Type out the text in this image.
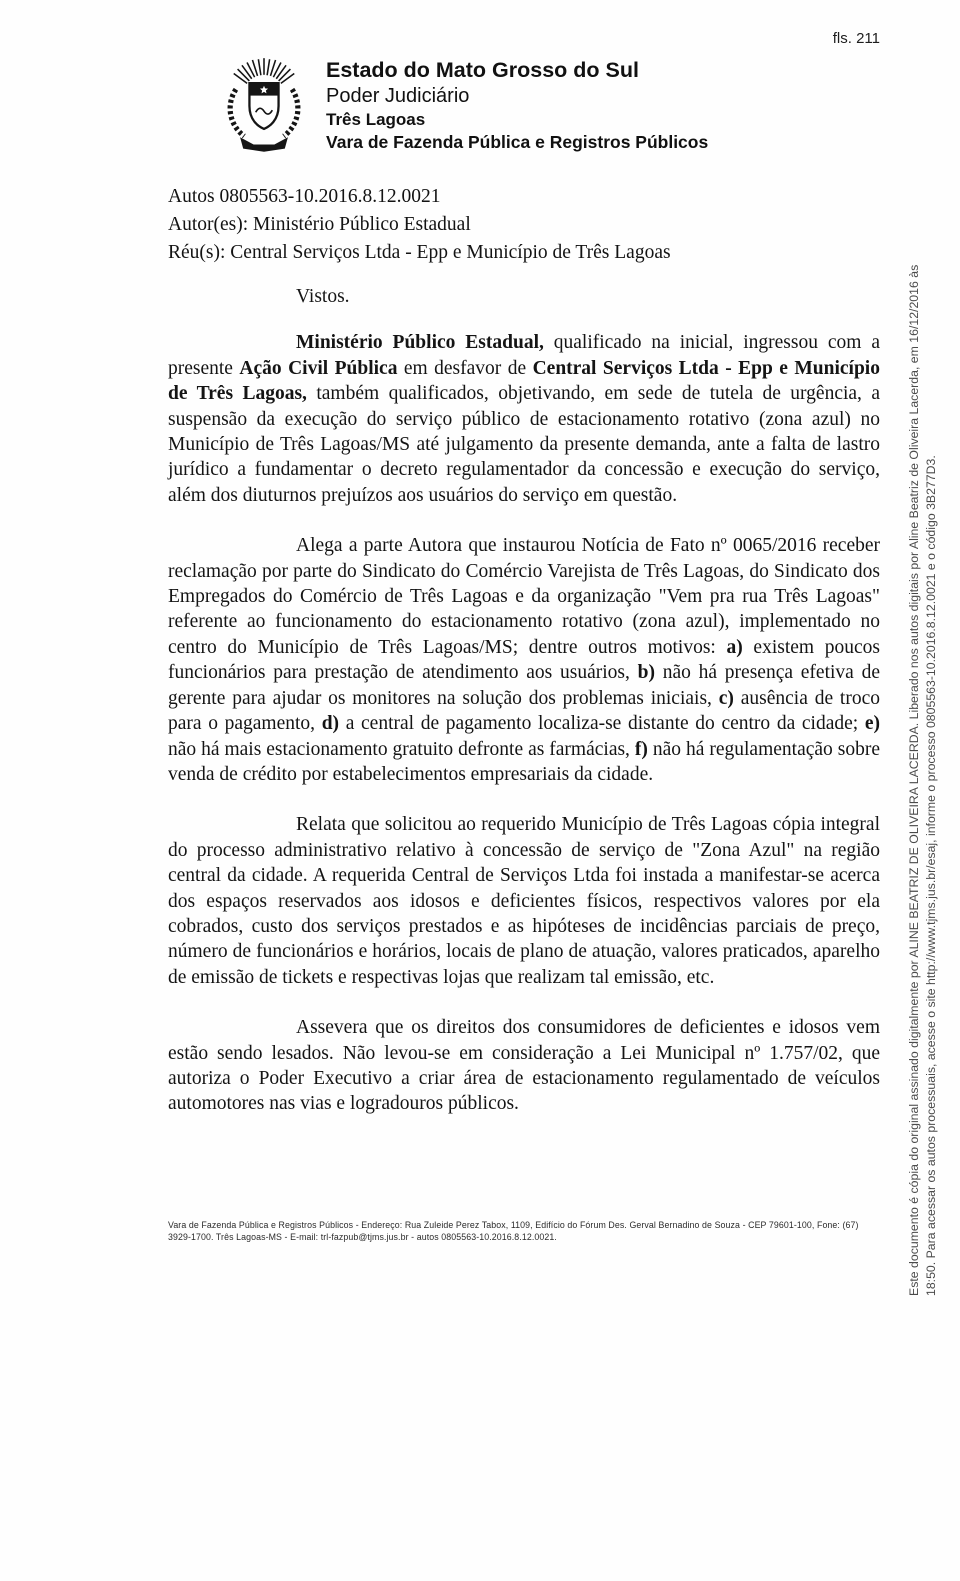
fls. 211
Estado do Mato Grosso do Sul
Poder Judiciário
Três Lagoas
Vara de Fazenda Pública e Registros Públicos
Autos 0805563-10.2016.8.12.0021
Autor(es): Ministério Público Estadual
Réu(s): Central Serviços Ltda - Epp e Município de Três Lagoas

Vistos.

Ministério Público Estadual, qualificado na inicial, ingressou com a presente Ação Civil Pública em desfavor de Central Serviços Ltda - Epp e Município de Três Lagoas, também qualificados, objetivando, em sede de tutela de urgência, a suspensão da execução do serviço público de estacionamento rotativo (zona azul) no Município de Três Lagoas/MS até julgamento da presente demanda, ante a falta de lastro jurídico a fundamentar o decreto regulamentador da concessão e execução do serviço, além dos diuturnos prejuízos aos usuários do serviço em questão.

Alega a parte Autora que instaurou Notícia de Fato nº 0065/2016 receber reclamação por parte do Sindicato do Comércio Varejista de Três Lagoas, do Sindicato dos Empregados do Comércio de Três Lagoas e da organização "Vem pra rua Três Lagoas" referente ao funcionamento do estacionamento rotativo (zona azul), implementado no centro do Município de Três Lagoas/MS; dentre outros motivos: a) existem poucos funcionários para prestação de atendimento aos usuários, b) não há presença efetiva de gerente para ajudar os monitores na solução dos problemas iniciais, c) ausência de troco para o pagamento, d) a central de pagamento localiza-se distante do centro da cidade; e) não há mais estacionamento gratuito defronte as farmácias, f) não há regulamentação sobre venda de crédito por estabelecimentos empresariais da cidade.

Relata que solicitou ao requerido Município de Três Lagoas cópia integral do processo administrativo relativo à concessão de serviço de "Zona Azul" na região central da cidade. A requerida Central de Serviços Ltda foi instada a manifestar-se acerca dos espaços reservados aos idosos e deficientes físicos, respectivos valores por ela cobrados, custo dos serviços prestados e as hipóteses de incidências parciais de preço, número de funcionários e horários, locais de plano de atuação, valores praticados, aparelho de emissão de tickets e respectivas lojas que realizam tal emissão, etc.

Assevera que os direitos dos consumidores de deficientes e idosos vem estão sendo lesados. Não levou-se em consideração a Lei Municipal nº 1.757/02, que autoriza o Poder Executivo a criar área de estacionamento regulamentado de veículos automotores nas vias e logradouros públicos.

Vara de Fazenda Pública e Registros Públicos - Endereço: Rua Zuleide Perez Tabox, 1109, Edifício do Fórum Des. Gerval Bernadino de Souza - CEP 79601-100, Fone: (67) 3929-1700. Três Lagoas-MS - E-mail: trl-fazpub@tjms.jus.br - autos 0805563-10.2016.8.12.0021.	Este documento é cópia do original assinado digitalmente por ALINE BEATRIZ DE OLIVEIRA LACERDA. Liberado nos autos digitais por Aline Beatriz de Oliveira Lacerda, em 16/12/2016 às 18:50. Para acessar os autos processuais, acesse o site http://www.tjms.jus.br/esaj, informe o processo 0805563-10.2016.8.12.0021 e o código 3B277D3.
